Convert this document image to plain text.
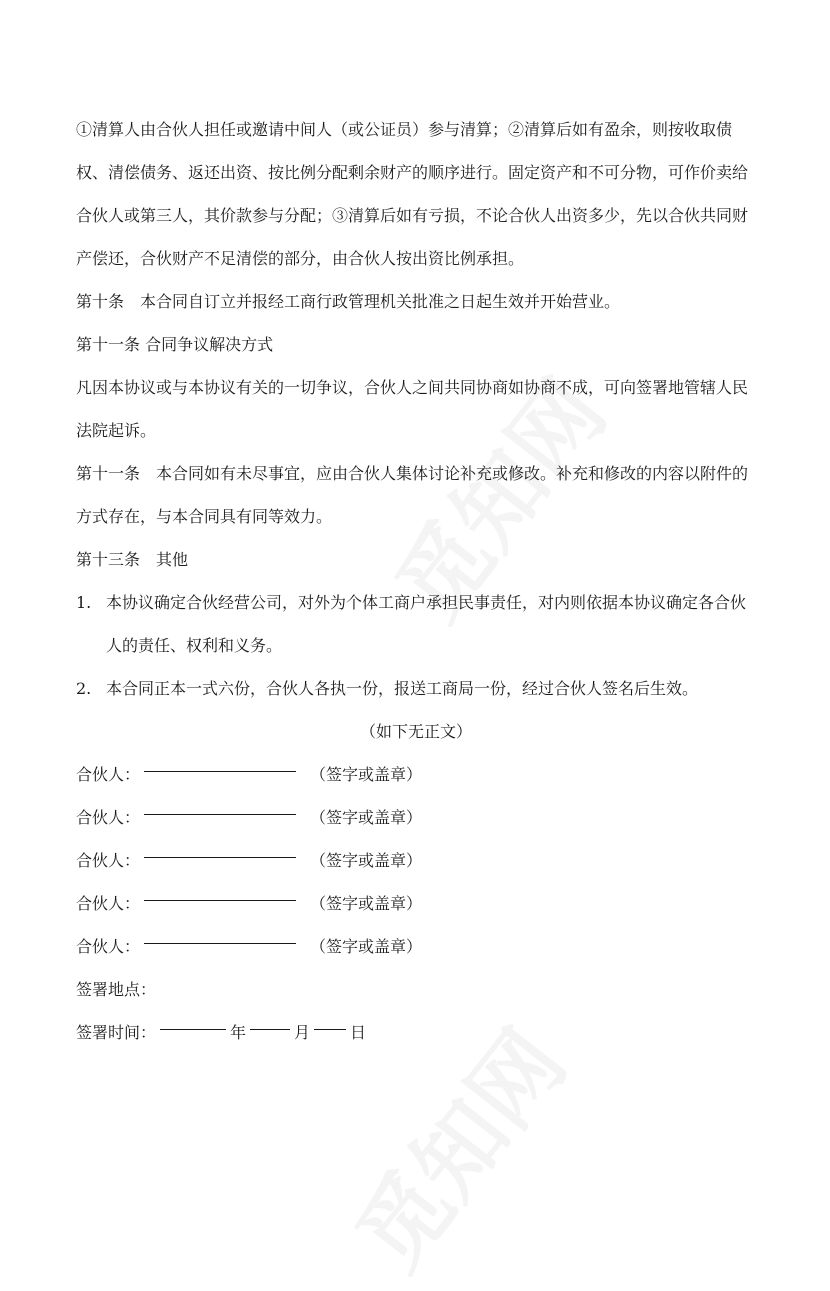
①清算人由合伙人担任或邀请中间人（或公证员）参与清算；②清算后如有盈余，则按收取债权、清偿债务、返还出资、按比例分配剩余财产的顺序进行。固定资产和不可分物，可作价卖给合伙人或第三人，其价款参与分配；③清算后如有亏损，不论合伙人出资多少，先以合伙共同财产偿还，合伙财产不足清偿的部分，由合伙人按出资比例承担。

第十条　本合同自订立并报经工商行政管理机关批准之日起生效并开始营业。

第十一条 合同争议解决方式

凡因本协议或与本协议有关的一切争议，合伙人之间共同协商如协商不成，可向签署地管辖人民法院起诉。

第十一条　本合同如有未尽事宜，应由合伙人集体讨论补充或修改。补充和修改的内容以附件的方式存在，与本合同具有同等效力。

第十三条　其他

1. 本协议确定合伙经营公司，对外为个体工商户承担民事责任，对内则依据本协议确定各合伙人的责任、权利和义务。
2. 本合同正本一式六份，合伙人各执一份，报送工商局一份，经过合伙人签名后生效。

（如下无正文）

合伙人：	（签字或盖章）
合伙人：	（签字或盖章）
合伙人：	（签字或盖章）
合伙人：	（签字或盖章）
合伙人：	（签字或盖章）

签署地点：

签署时间：	年	月	日
